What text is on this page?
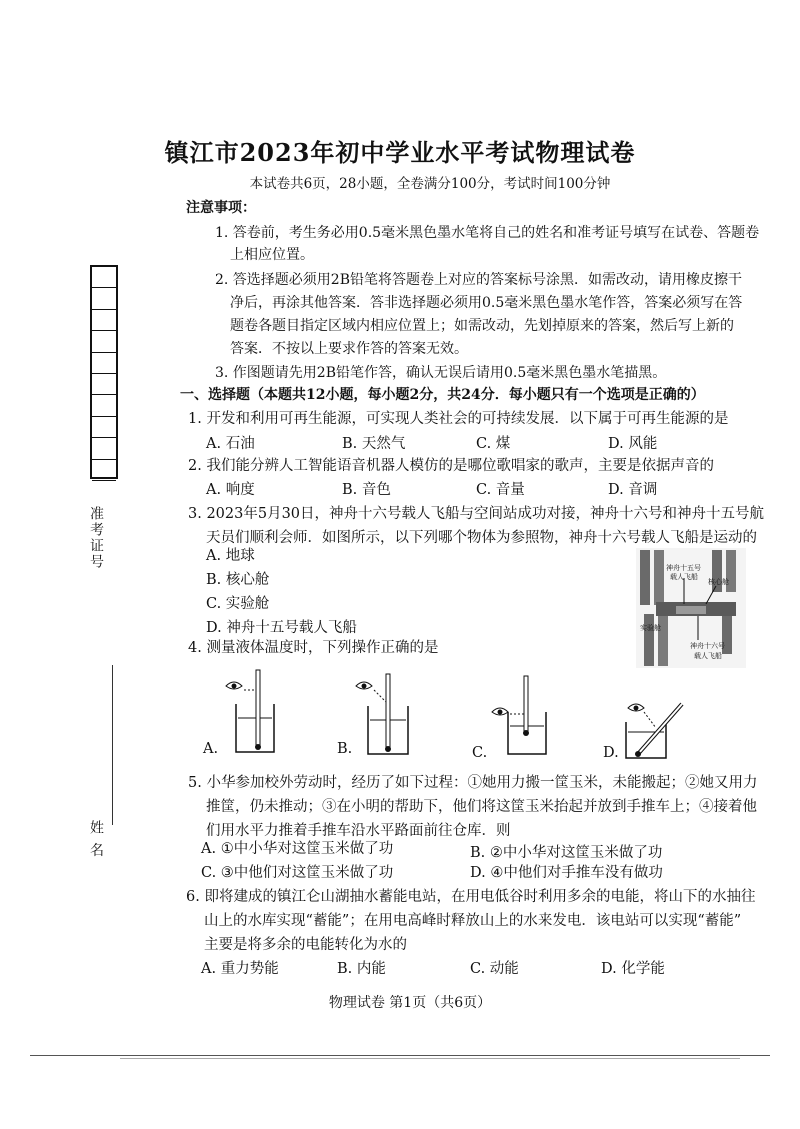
镇江市2023年初中学业水平考试物理试卷
本试卷共6页，28小题，全卷满分100分，考试时间100分钟
准考证号
姓 名
注意事项：
1. 答卷前，考生务必用0.5毫米黑色墨水笔将自己的姓名和准考证号填写在试卷、答题卷
上相应位置。
2. 答选择题必须用2B铅笔将答题卷上对应的答案标号涂黑．如需改动，请用橡皮擦干
净后，再涂其他答案．答非选择题必须用0.5毫米黑色墨水笔作答，答案必须写在答
题卷各题目指定区域内相应位置上；如需改动，先划掉原来的答案，然后写上新的
答案．不按以上要求作答的答案无效。
3. 作图题请先用2B铅笔作答，确认无误后请用0.5毫米黑色墨水笔描黑。
一、选择题（本题共12小题，每小题2分，共24分．每小题只有一个选项是正确的）
1. 开发和利用可再生能源，可实现人类社会的可持续发展．以下属于可再生能源的是
A. 石油	B. 天然气	C. 煤	D. 风能
2. 我们能分辨人工智能语音机器人模仿的是哪位歌唱家的歌声，主要是依据声音的
A. 响度	B. 音色	C. 音量	D. 音调
3. 2023年5月30日，神舟十六号载人飞船与空间站成功对接，神舟十六号和神舟十五号航
天员们顺利会师．如图所示，以下列哪个物体为参照物，神舟十六号载人飞船是运动的
A. 地球
B. 核心舱
C. 实验舱
D. 神舟十五号载人飞船
神舟十五号
载人飞船
核心舱
实验舱
神舟十六号
载人飞船
4. 测量液体温度时，下列操作正确的是
A.	B.	C.	D.
5. 小华参加校外劳动时，经历了如下过程：①她用力搬一筐玉米，未能搬起；②她又用力
推筐，仍未推动；③在小明的帮助下，他们将这筐玉米抬起并放到手推车上；④接着他
们用水平力推着手推车沿水平路面前往仓库．则
A. ①中小华对这筐玉米做了功	B. ②中小华对这筐玉米做了功
C. ③中他们对这筐玉米做了功	D. ④中他们对手推车没有做功
6. 即将建成的镇江仑山湖抽水蓄能电站，在用电低谷时利用多余的电能，将山下的水抽往
山上的水库实现“蓄能”；在用电高峰时释放山上的水来发电．该电站可以实现“蓄能”
主要是将多余的电能转化为水的
A. 重力势能	B. 内能	C. 动能	D. 化学能
物理试卷 第1页（共6页）
